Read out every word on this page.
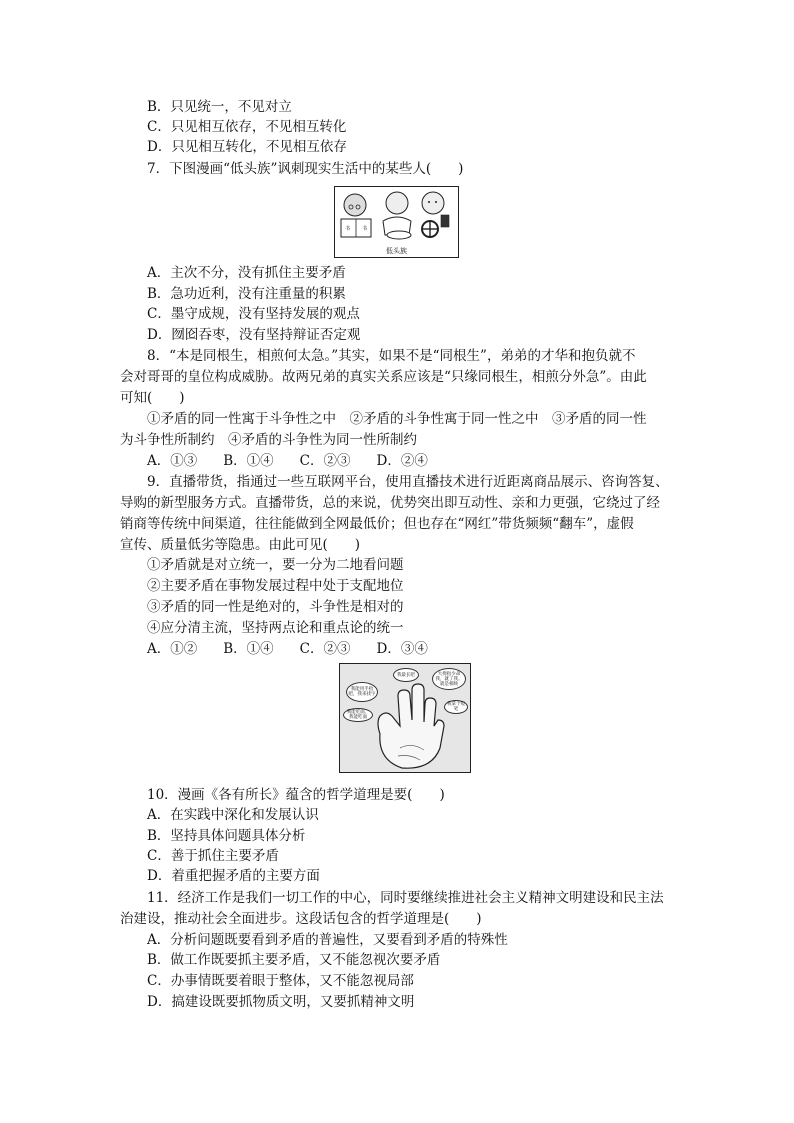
B．只见统一，不见对立
C．只见相互依存，不见相互转化
D．只见相互转化，不见相互依存
7．下图漫画“低头族”讽刺现实生活中的某些人(　　)
书 书
低头族
A．主次不分，没有抓住主要矛盾
B．急功近利，没有注重量的积累
C．墨守成规，没有坚持发展的观点
D．囫囵吞枣，没有坚持辩证否定观
8．“本是同根生，相煎何太急。”其实，如果不是“同根生”，弟弟的才华和抱负就不
会对哥哥的皇位构成威胁。故两兄弟的真实关系应该是“只缘同根生，相煎分外急”。由此
可知(　　)
①矛盾的同一性寓于斗争性之中　②矛盾的斗争性寓于同一性之中　③矛盾的同一性
为斗争性所制约　④矛盾的斗争性为同一性所制约
A．①③ B．①④ C．②③ D．②④
9．直播带货，指通过一些互联网平台，使用直播技术进行近距离商品展示、咨询答复、
导购的新型服务方式。直播带货，总的来说，优势突出即互动性、亲和力更强，它绕过了经
销商等传统中间渠道，往往能做到全网最低价；但也存在“网红”带货频频“翻车”，虚假
宣传、质量低劣等隐患。由此可见(　　)
①矛盾就是对立统一，要一分为二地看问题
②主要矛盾在事物发展过程中处于支配地位
③矛盾的同一性是绝对的，斗争性是相对的
④应分清主流，坚持两点论和重点论的统一
A．①② B．①④ C．②③ D．③④
我最长吧	大拇指少命我，就了我。就是相映
我能用手指吧，我来找字
我能吃面，我能吃面
我拿个短笔
10．漫画《各有所长》蕴含的哲学道理是要(　　)
A．在实践中深化和发展认识
B．坚持具体问题具体分析
C．善于抓住主要矛盾
D．着重把握矛盾的主要方面
11．经济工作是我们一切工作的中心，同时要继续推进社会主义精神文明建设和民主法
治建设，推动社会全面进步。这段话包含的哲学道理是(　　)
A．分析问题既要看到矛盾的普遍性，又要看到矛盾的特殊性
B．做工作既要抓主要矛盾，又不能忽视次要矛盾
C．办事情既要着眼于整体，又不能忽视局部
D．搞建设既要抓物质文明，又要抓精神文明
